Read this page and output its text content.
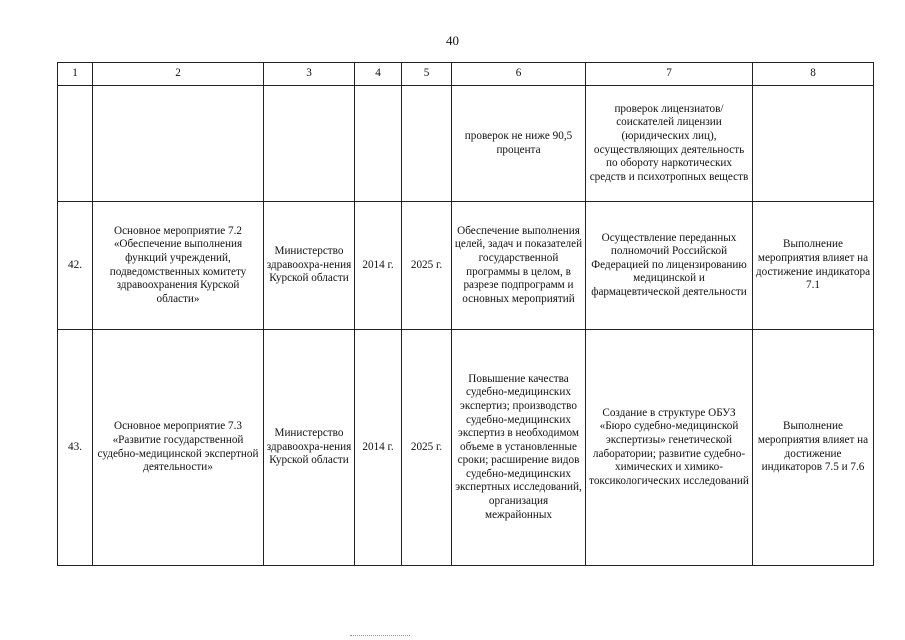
40
1	2	3	4	5	6	7	8
					проверок не ниже 90,5 процента	проверок лицензиатов/ соискателей лицензии (юридических лиц), осуществляющих деятельность по обороту наркотических средств и психотропных веществ	
42.	Основное мероприятие 7.2 «Обеспечение выполнения функций учреждений, подведомственных комитету здравоохранения Курской области»	Министерство здравоохра-нения Курской области	2014 г.	2025 г.	Обеспечение выполнения целей, задач и показателей государственной программы в целом, в разрезе подпрограмм и основных мероприятий	Осуществление переданных полномочий Российской Федерацией по лицензированию медицинской и фармацевтической деятельности	Выполнение мероприятия влияет на достижение индикатора 7.1
43.	Основное мероприятие 7.3 «Развитие государственной судебно-медицинской экспертной деятельности»	Министерство здравоохра-нения Курской области	2014 г.	2025 г.	Повышение качества судебно-медицинских экспертиз; производство судебно-медицинских экспертиз в необходимом объеме в установленные сроки; расширение видов судебно-медицинских экспертных исследований, организация межрайонных	Создание в структуре ОБУЗ «Бюро судебно-медицинской экспертизы» генетической лаборатории; развитие судебно-химических и химико-токсикологических исследований	Выполнение мероприятия влияет на достижение индикаторов 7.5 и 7.6
